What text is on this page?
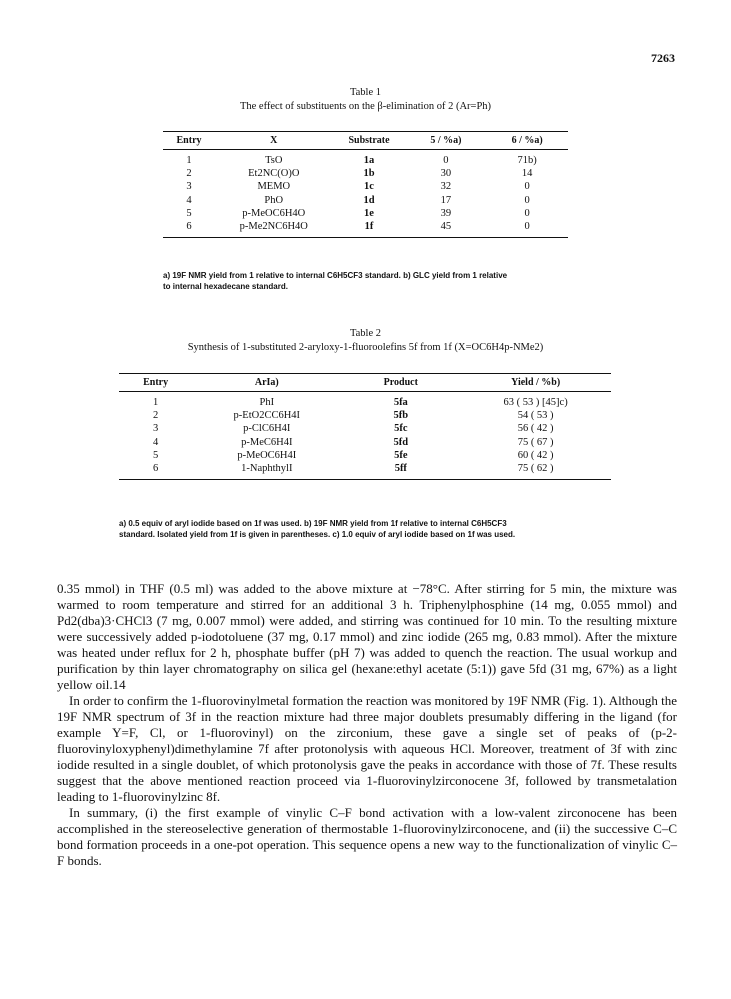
7263
Table 1
The effect of substituents on the β-elimination of 2 (Ar=Ph)
Entry	X	Substrate	5 / %a)	6 / %a)
1	TsO	1a	0	71b)
2	Et2NC(O)O	1b	30	14
3	MEMO	1c	32	0
4	PhO	1d	17	0
5	p-MeOC6H4O	1e	39	0
6	p-Me2NC6H4O	1f	45	0
a) 19F NMR yield from 1 relative to internal C6H5CF3 standard. b) GLC yield from 1 relative
to internal hexadecane standard.
Table 2
Synthesis of 1-substituted 2-aryloxy-1-fluoroolefins 5f from 1f (X=OC6H4p-NMe2)
Entry	ArIa)	Product	Yield / %b)
1	PhI	5fa	63 ( 53 ) [45]c)
2	p-EtO2CC6H4I	5fb	54 ( 53 )
3	p-ClC6H4I	5fc	56 ( 42 )
4	p-MeC6H4I	5fd	75 ( 67 )
5	p-MeOC6H4I	5fe	60 ( 42 )
6	1-NaphthylI	5ff	75 ( 62 )
a) 0.5 equiv of aryl iodide based on 1f was used. b) 19F NMR yield from 1f relative to internal C6H5CF3
standard. Isolated yield from 1f is given in parentheses. c) 1.0 equiv of aryl iodide based on 1f was used.

0.35 mmol) in THF (0.5 ml) was added to the above mixture at −78°C. After stirring for 5 min, the mixture was warmed to room temperature and stirred for an additional 3 h. Triphenylphosphine (14 mg, 0.055 mmol) and Pd2(dba)3·CHCl3 (7 mg, 0.007 mmol) were added, and stirring was continued for 10 min. To the resulting mixture were successively added p-iodotoluene (37 mg, 0.17 mmol) and zinc iodide (265 mg, 0.83 mmol). After the mixture was heated under reflux for 2 h, phosphate buffer (pH 7) was added to quench the reaction. The usual workup and purification by thin layer chromatography on silica gel (hexane:ethyl acetate (5:1)) gave 5fd (31 mg, 67%) as a light yellow oil.14

In order to confirm the 1-fluorovinylmetal formation the reaction was monitored by 19F NMR (Fig. 1). Although the 19F NMR spectrum of 3f in the reaction mixture had three major doublets presumably differing in the ligand (for example Y=F, Cl, or 1-fluorovinyl) on the zirconium, these gave a single set of peaks of (p-2-fluorovinyloxyphenyl)dimethylamine 7f after protonolysis with aqueous HCl. Moreover, treatment of 3f with zinc iodide resulted in a single doublet, of which protonolysis gave the peaks in accordance with those of 7f. These results suggest that the above mentioned reaction proceed via 1-fluorovinylzirconocene 3f, followed by transmetalation leading to 1-fluorovinylzinc 8f.

In summary, (i) the first example of vinylic C–F bond activation with a low-valent zirconocene has been accomplished in the stereoselective generation of thermostable 1-fluorovinylzirconocene, and (ii) the successive C–C bond formation proceeds in a one-pot operation. This sequence opens a new way to the functionalization of vinylic C–F bonds.
